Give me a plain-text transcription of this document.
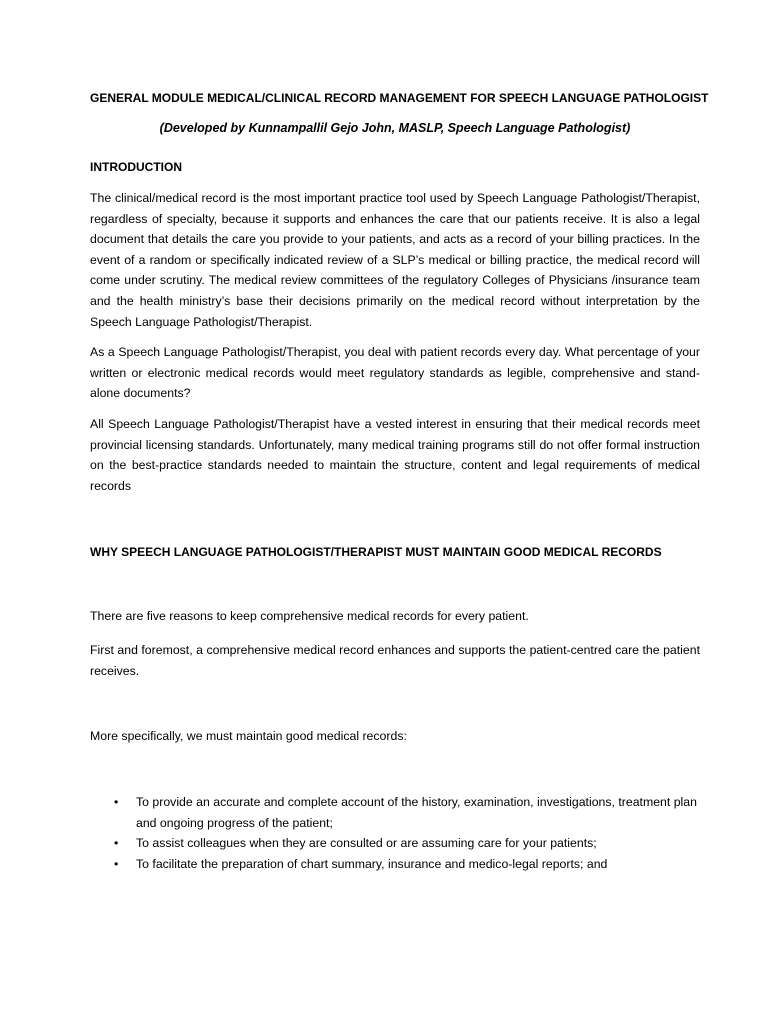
GENERAL MODULE MEDICAL/CLINICAL RECORD MANAGEMENT FOR SPEECH LANGUAGE PATHOLOGIST
(Developed by Kunnampallil Gejo John, MASLP, Speech Language Pathologist)
INTRODUCTION

The clinical/medical record is the most important practice tool used by Speech Language Pathologist/Therapist, regardless of specialty, because it supports and enhances the care that our patients receive. It is also a legal document that details the care you provide to your patients, and acts as a record of your billing practices. In the event of a random or specifically indicated review of a SLP’s medical or billing practice, the medical record will come under scrutiny. The medical review committees of the regulatory Colleges of Physicians /insurance team and the health ministry’s base their decisions primarily on the medical record without interpretation by the Speech Language Pathologist/Therapist.

As a Speech Language Pathologist/Therapist, you deal with patient records every day. What percentage of your written or electronic medical records would meet regulatory standards as legible, comprehensive and stand-alone documents?

All Speech Language Pathologist/Therapist have a vested interest in ensuring that their medical records meet provincial licensing standards. Unfortunately, many medical training programs still do not offer formal instruction on the best-practice standards needed to maintain the structure, content and legal requirements of medical records

WHY SPEECH LANGUAGE PATHOLOGIST/THERAPIST MUST MAINTAIN GOOD MEDICAL RECORDS

There are five reasons to keep comprehensive medical records for every patient.

First and foremost, a comprehensive medical record enhances and supports the patient-centred care the patient receives.

More specifically, we must maintain good medical records:

• To provide an accurate and complete account of the history, examination, investigations, treatment plan and ongoing progress of the patient;
• To assist colleagues when they are consulted or are assuming care for your patients;
• To facilitate the preparation of chart summary, insurance and medico-legal reports; and
